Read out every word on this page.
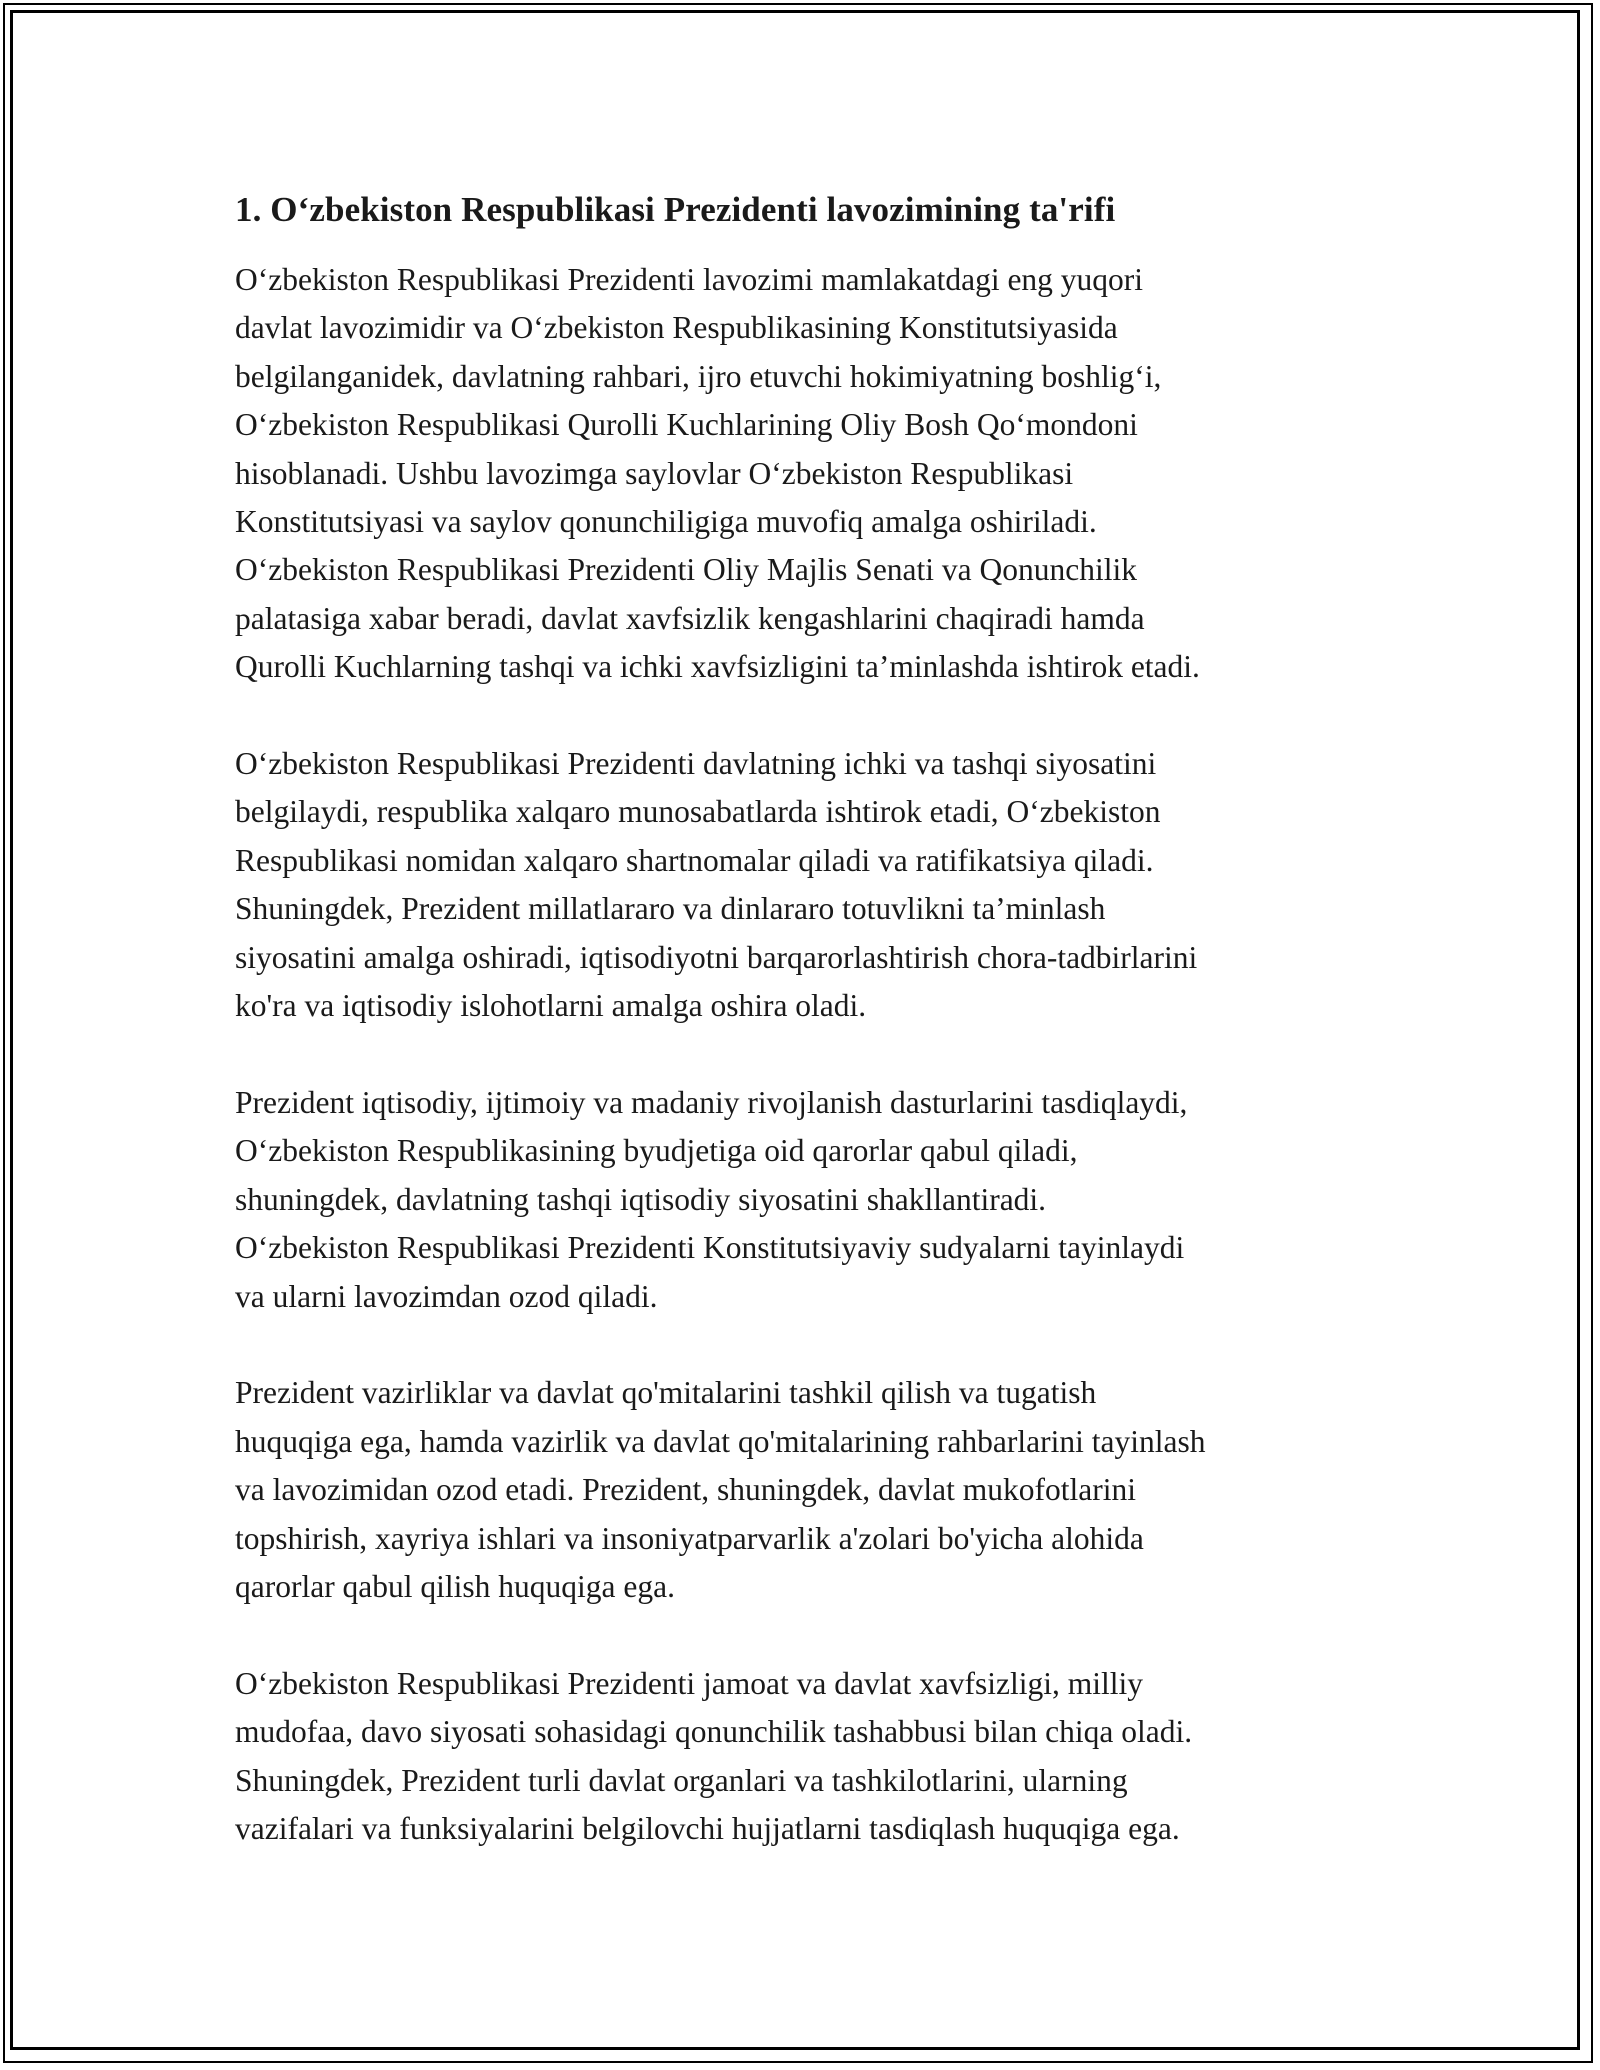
1. O‘zbekiston Respublikasi Prezidenti lavozimining ta'rifi

O‘zbekiston Respublikasi Prezidenti lavozimi mamlakatdagi eng yuqori
davlat lavozimidir va O‘zbekiston Respublikasining Konstitutsiyasida
belgilanganidek, davlatning rahbari, ijro etuvchi hokimiyatning boshlig‘i,
O‘zbekiston Respublikasi Qurolli Kuchlarining Oliy Bosh Qo‘mondoni
hisoblanadi. Ushbu lavozimga saylovlar O‘zbekiston Respublikasi
Konstitutsiyasi va saylov qonunchiligiga muvofiq amalga oshiriladi.
O‘zbekiston Respublikasi Prezidenti Oliy Majlis Senati va Qonunchilik
palatasiga xabar beradi, davlat xavfsizlik kengashlarini chaqiradi hamda
Qurolli Kuchlarning tashqi va ichki xavfsizligini ta’minlashda ishtirok etadi.

O‘zbekiston Respublikasi Prezidenti davlatning ichki va tashqi siyosatini
belgilaydi, respublika xalqaro munosabatlarda ishtirok etadi, O‘zbekiston
Respublikasi nomidan xalqaro shartnomalar qiladi va ratifikatsiya qiladi.
Shuningdek, Prezident millatlararo va dinlararo totuvlikni ta’minlash
siyosatini amalga oshiradi, iqtisodiyotni barqarorlashtirish chora-tadbirlarini
ko'ra va iqtisodiy islohotlarni amalga oshira oladi.

Prezident iqtisodiy, ijtimoiy va madaniy rivojlanish dasturlarini tasdiqlaydi,
O‘zbekiston Respublikasining byudjetiga oid qarorlar qabul qiladi,
shuningdek, davlatning tashqi iqtisodiy siyosatini shakllantiradi.
O‘zbekiston Respublikasi Prezidenti Konstitutsiyaviy sudyalarni tayinlaydi
va ularni lavozimdan ozod qiladi.

Prezident vazirliklar va davlat qo'mitalarini tashkil qilish va tugatish
huquqiga ega, hamda vazirlik va davlat qo'mitalarining rahbarlarini tayinlash
va lavozimidan ozod etadi. Prezident, shuningdek, davlat mukofotlarini
topshirish, xayriya ishlari va insoniyatparvarlik a'zolari bo'yicha alohida
qarorlar qabul qilish huquqiga ega.

O‘zbekiston Respublikasi Prezidenti jamoat va davlat xavfsizligi, milliy
mudofaa, davo siyosati sohasidagi qonunchilik tashabbusi bilan chiqa oladi.
Shuningdek, Prezident turli davlat organlari va tashkilotlarini, ularning
vazifalari va funksiyalarini belgilovchi hujjatlarni tasdiqlash huquqiga ega.
